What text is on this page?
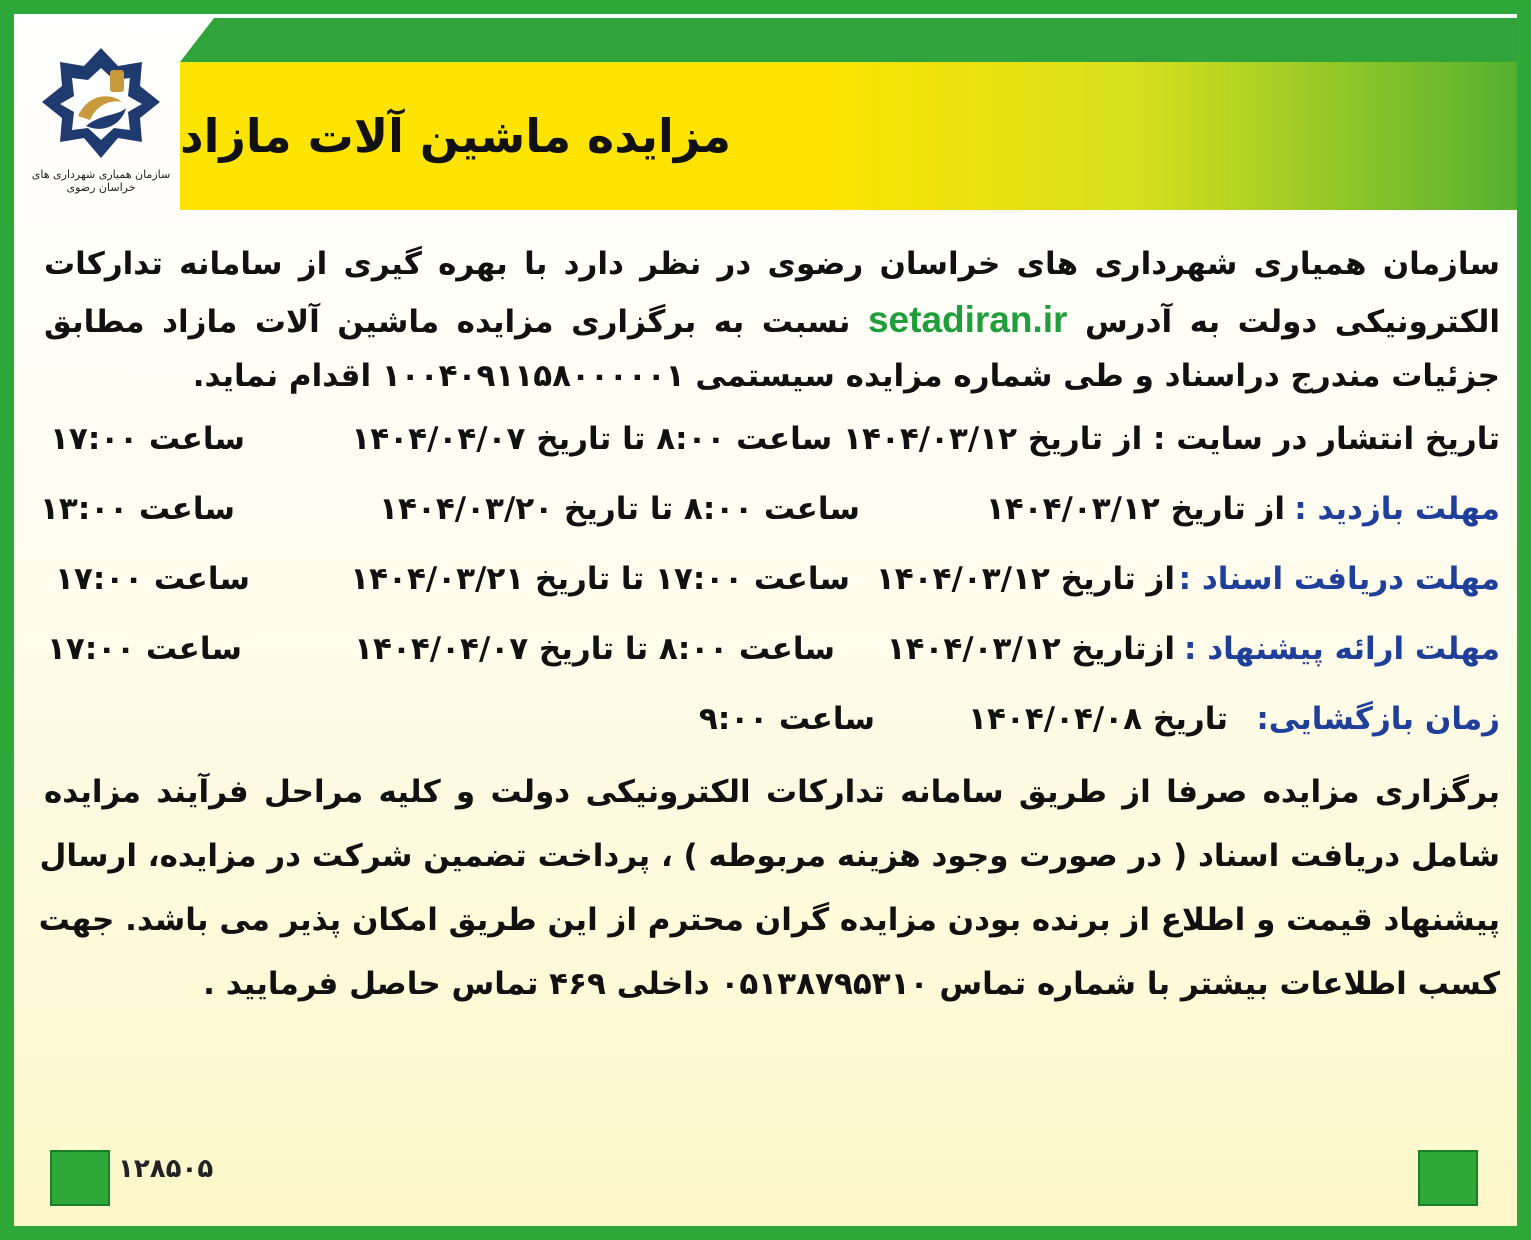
سازمان همیاری شهرداری های خراسان رضوی
مزایده ماشین آلات مازاد
سازمان همیاری شهرداری های خراسان رضوی در نظر دارد با بهره گیری از سامانه تدارکات
الکترونیکی دولت به آدرس setadiran.ir نسبت به برگزاری مزایده ماشین آلات مازاد مطابق
جزئیات مندرج دراسناد و طی شماره مزایده سیستمی ۱۰۰۴۰۹۱۱۵۸۰۰۰۰۰۱ اقدام نماید.
تاریخ انتشار در سایت : از تاریخ ۱۴۰۴/۰۳/۱۲ ساعت ۸:۰۰ تا تاریخ ۱۴۰۴/۰۴/۰۷
ساعت ۱۷:۰۰
مهلت بازدید :
از تاریخ ۱۴۰۴/۰۳/۱۲
ساعت ۸:۰۰ تا تاریخ ۱۴۰۴/۰۳/۲۰
ساعت ۱۳:۰۰
مهلت دریافت اسناد :
از تاریخ ۱۴۰۴/۰۳/۱۲
ساعت ۱۷:۰۰ تا تاریخ ۱۴۰۴/۰۳/۲۱
ساعت ۱۷:۰۰
مهلت ارائه پیشنهاد :
ازتاریخ ۱۴۰۴/۰۳/۱۲
ساعت ۸:۰۰ تا تاریخ ۱۴۰۴/۰۴/۰۷
ساعت ۱۷:۰۰
زمان بازگشایی:
تاریخ ۱۴۰۴/۰۴/۰۸
ساعت ۹:۰۰
برگزاری مزایده صرفا از طریق سامانه تدارکات الکترونیکی دولت و کلیه مراحل فرآیند مزایده
شامل دریافت اسناد ( در صورت وجود هزینه مربوطه ) ، پرداخت تضمین شرکت در مزایده، ارسال
پیشنهاد قیمت و اطلاع از برنده بودن مزایده گران محترم از این طریق امکان پذیر می باشد. جهت
کسب اطلاعات بیشتر با شماره تماس ۰۵۱۳۸۷۹۵۳۱۰ داخلی ۴۶۹ تماس حاصل فرمایید .
۱۲۸۵۰۵
